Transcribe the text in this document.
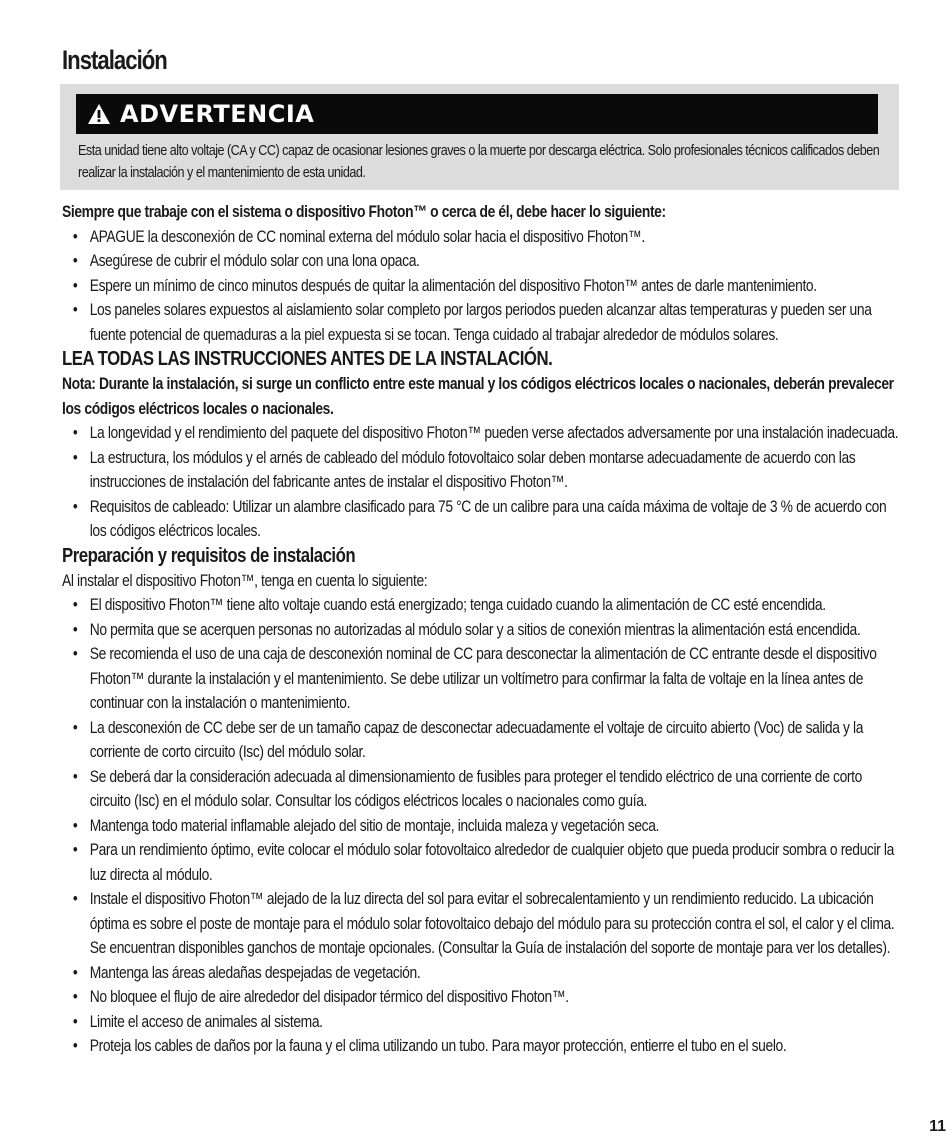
Instalación
ADVERTENCIA
Esta unidad tiene alto voltaje (CA y CC) capaz de ocasionar lesiones graves o la muerte por descarga eléctrica. Solo profesionales técnicos calificados deben realizar la instalación y el mantenimiento de esta unidad.

Siempre que trabaje con el sistema o dispositivo Fhoton™ o cerca de él, debe hacer lo siguiente:

• APAGUE la desconexión de CC nominal externa del módulo solar hacia el dispositivo Fhoton™.
• Asegúrese de cubrir el módulo solar con una lona opaca.
• Espere un mínimo de cinco minutos después de quitar la alimentación del dispositivo Fhoton™ antes de darle mantenimiento.
• Los paneles solares expuestos al aislamiento solar completo por largos periodos pueden alcanzar altas temperaturas y pueden ser una fuente potencial de quemaduras a la piel expuesta si se tocan. Tenga cuidado al trabajar alrededor de módulos solares.
LEA TODAS LAS INSTRUCCIONES ANTES DE LA INSTALACIÓN.

Nota: Durante la instalación, si surge un conflicto entre este manual y los códigos eléctricos locales o nacionales, deberán prevalecer los códigos eléctricos locales o nacionales.

• La longevidad y el rendimiento del paquete del dispositivo Fhoton™ pueden verse afectados adversamente por una instalación inadecuada.
• La estructura, los módulos y el arnés de cableado del módulo fotovoltaico solar deben montarse adecuadamente de acuerdo con las instrucciones de instalación del fabricante antes de instalar el dispositivo Fhoton™.
• Requisitos de cableado: Utilizar un alambre clasificado para 75 °C de un calibre para una caída máxima de voltaje de 3 % de acuerdo con los códigos eléctricos locales.
Preparación y requisitos de instalación

Al instalar el dispositivo Fhoton™, tenga en cuenta lo siguiente:

• El dispositivo Fhoton™ tiene alto voltaje cuando está energizado; tenga cuidado cuando la alimentación de CC esté encendida.
• No permita que se acerquen personas no autorizadas al módulo solar y a sitios de conexión mientras la alimentación está encendida.
• Se recomienda el uso de una caja de desconexión nominal de CC para desconectar la alimentación de CC entrante desde el dispositivo Fhoton™ durante la instalación y el mantenimiento. Se debe utilizar un voltímetro para confirmar la falta de voltaje en la línea antes de continuar con la instalación o mantenimiento.
• La desconexión de CC debe ser de un tamaño capaz de desconectar adecuadamente el voltaje de circuito abierto (Voc) de salida y la corriente de corto circuito (Isc) del módulo solar.
• Se deberá dar la consideración adecuada al dimensionamiento de fusibles para proteger el tendido eléctrico de una corriente de corto circuito (Isc) en el módulo solar. Consultar los códigos eléctricos locales o nacionales como guía.
• Mantenga todo material inflamable alejado del sitio de montaje, incluida maleza y vegetación seca.
• Para un rendimiento óptimo, evite colocar el módulo solar fotovoltaico alrededor de cualquier objeto que pueda producir sombra o reducir la luz directa al módulo.
• Instale el dispositivo Fhoton™ alejado de la luz directa del sol para evitar el sobrecalentamiento y un rendimiento reducido. La ubicación óptima es sobre el poste de montaje para el módulo solar fotovoltaico debajo del módulo para su protección contra el sol, el calor y el clima. Se encuentran disponibles ganchos de montaje opcionales. (Consultar la Guía de instalación del soporte de montaje para ver los detalles).
• Mantenga las áreas aledañas despejadas de vegetación.
• No bloquee el flujo de aire alrededor del disipador térmico del dispositivo Fhoton™.
• Limite el acceso de animales al sistema.
• Proteja los cables de daños por la fauna y el clima utilizando un tubo. Para mayor protección, entierre el tubo en el suelo.
11
